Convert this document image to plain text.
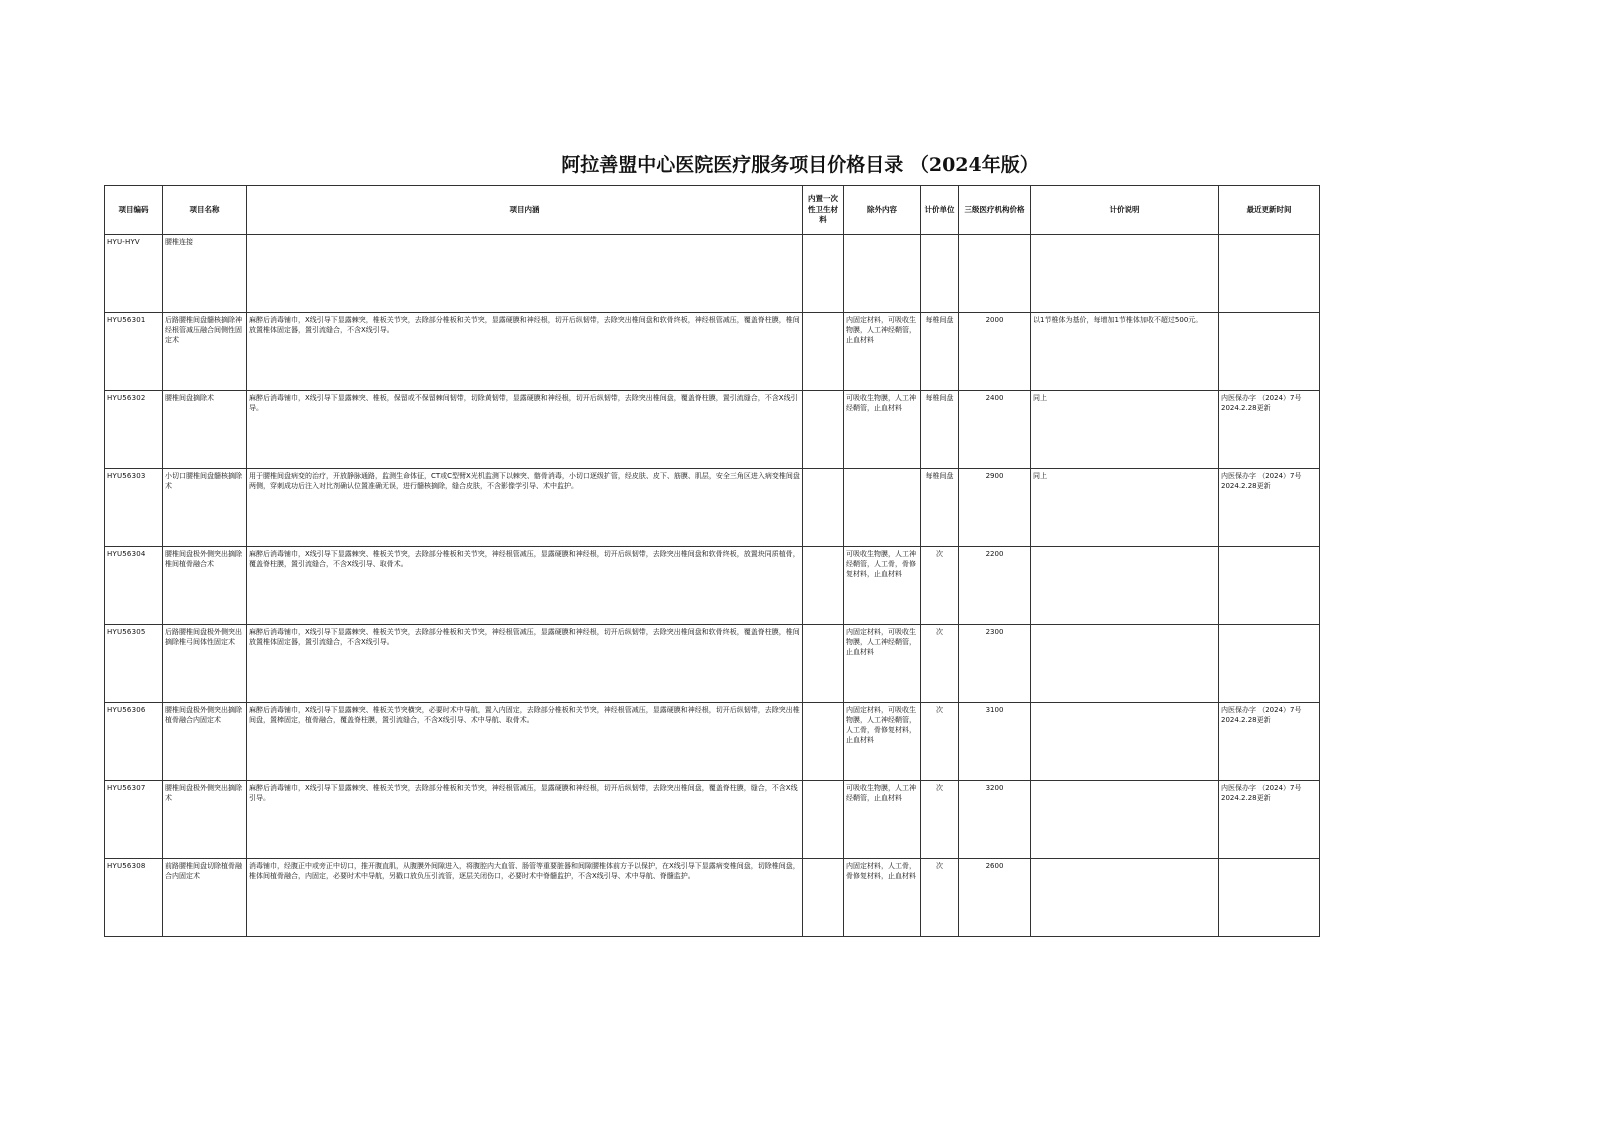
阿拉善盟中心医院医疗服务项目价格目录 （2024年版）
项目编码	项目名称	项目内涵	内置一次性卫生材料	除外内容	计价单位	三级医疗机构价格	计价说明	最近更新时间
HYU-HYV	腰椎连接							
HYU56301	后路腰椎间盘髓核摘除神经根管减压融合间侧性固定术	麻醉后消毒铺巾，X线引导下显露棘突，椎板关节突，去除部分椎板和关节突，显露硬膜和神经根，切开后纵韧带，去除突出椎间盘和软骨终板，神经根管减压，覆盖脊柱膜，椎间放置椎体固定器，置引流缝合，不含X线引导。		内固定材料，可吸收生物膜，人工神经鞘管，止血材料	每椎间盘	2000	以1节椎体为基价，每增加1节椎体加收不超过500元。	
HYU56302	腰椎间盘摘除术	麻醉后消毒铺巾，X线引导下显露棘突、椎板，保留或不保留棘间韧带，切除黄韧带，显露硬膜和神经根，切开后纵韧带，去除突出椎间盘，覆盖脊柱膜，置引流缝合，不含X线引导。		可吸收生物膜，人工神经鞘管，止血材料	每椎间盘	2400	同上	内医保办字 （2024）7号 2024.2.28更新
HYU56303	小切口腰椎间盘髓核摘除术	用于腰椎间盘病变的治疗，开放静脉通路，监测生命体征，CT或C型臂X光机监测下以棘突、髂骨消毒，小切口逐级扩管，经皮肤、皮下、筋膜、肌层，安全三角区进入病变椎间盘两侧，穿刺成功后注入对比剂确认位置准确无误，进行髓核摘除，缝合皮肤，不含影像学引导、术中监护。			每椎间盘	2900	同上	内医保办字 （2024）7号 2024.2.28更新
HYU56304	腰椎间盘极外侧突出摘除椎间植骨融合术	麻醉后消毒铺巾，X线引导下显露棘突、椎板关节突，去除部分椎板和关节突，神经根管减压，显露硬膜和神经根，切开后纵韧带，去除突出椎间盘和软骨终板，放置块同质植骨，覆盖脊柱膜，置引流缝合，不含X线引导、取骨术。		可吸收生物膜，人工神经鞘管，人工骨，骨修复材料，止血材料	次	2200		
HYU56305	后路腰椎间盘极外侧突出摘除椎弓间体性固定术	麻醉后消毒铺巾，X线引导下显露棘突、椎板关节突，去除部分椎板和关节突，神经根管减压，显露硬膜和神经根，切开后纵韧带，去除突出椎间盘和软骨终板，覆盖脊柱膜，椎间放置椎体固定器，置引流缝合，不含X线引导。		内固定材料，可吸收生物膜，人工神经鞘管，止血材料	次	2300		
HYU56306	腰椎间盘极外侧突出摘除植骨融合内固定术	麻醉后消毒铺巾，X线引导下显露棘突、椎板关节突横突，必要时术中导航，置入内固定，去除部分椎板和关节突，神经根管减压，显露硬膜和神经根，切开后纵韧带，去除突出椎间盘，置棒固定，植骨融合，覆盖脊柱膜，置引流缝合，不含X线引导、术中导航、取骨术。		内固定材料，可吸收生物膜，人工神经鞘管，人工骨，骨修复材料，止血材料	次	3100		内医保办字 （2024）7号 2024.2.28更新
HYU56307	腰椎间盘极外侧突出摘除术	麻醉后消毒铺巾，X线引导下显露棘突、椎板关节突，去除部分椎板和关节突，神经根管减压，显露硬膜和神经根，切开后纵韧带，去除突出椎间盘，覆盖脊柱膜，缝合，不含X线引导。		可吸收生物膜，人工神经鞘管，止血材料	次	3200		内医保办字 （2024）7号 2024.2.28更新
HYU56308	前路腰椎间盘切除植骨融合内固定术	消毒铺巾，经腹正中或旁正中切口，推开腹直肌，从腹膜外间隙进入，将腹腔内大血管、肠管等重要脏器和间隙腰椎体前方予以保护，在X线引导下显露病变椎间盘，切除椎间盘，椎体间植骨融合，内固定，必要时术中导航，另戳口放负压引流管，逐层关闭伤口，必要时术中脊髓监护，不含X线引导、术中导航、脊髓监护。		内固定材料，人工骨，骨修复材料，止血材料	次	2600		
